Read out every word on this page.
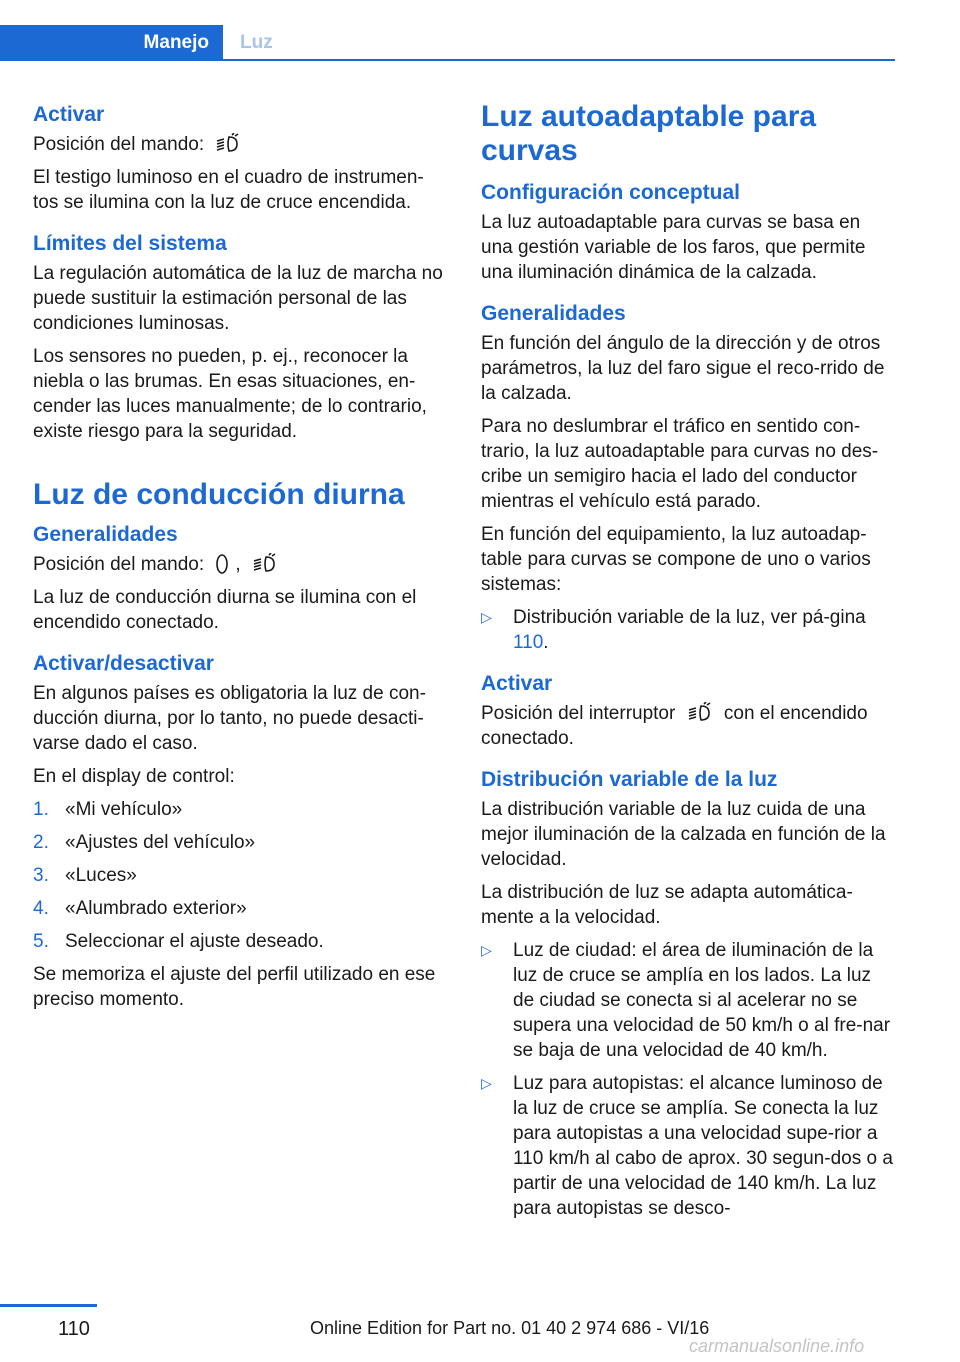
Manejo	Luz
Activar

Posición del mando:

El testigo luminoso en el cuadro de instrumen-tos se ilumina con la luz de cruce encendida.

Límites del sistema

La regulación automática de la luz de marcha no puede sustituir la estimación personal de las condiciones luminosas.

Los sensores no pueden, p. ej., reconocer la niebla o las brumas. En esas situaciones, en-cender las luces manualmente; de lo contrario, existe riesgo para la seguridad.

Luz de conducción diurna
Generalidades

Posición del mando: ,

La luz de conducción diurna se ilumina con el encendido conectado.

Activar/desactivar

En algunos países es obligatoria la luz de con-ducción diurna, por lo tanto, no puede desacti-varse dado el caso.

En el display de control:

1. «Mi vehículo»
2. «Ajustes del vehículo»
3. «Luces»
4. «Alumbrado exterior»
5. Seleccionar el ajuste deseado.

Se memoriza el ajuste del perfil utilizado en ese preciso momento.

Luz autoadaptable para curvas
Configuración conceptual

La luz autoadaptable para curvas se basa en una gestión variable de los faros, que permite una iluminación dinámica de la calzada.

Generalidades

En función del ángulo de la dirección y de otros parámetros, la luz del faro sigue el reco-rrido de la calzada.

Para no deslumbrar el tráfico en sentido con-trario, la luz autoadaptable para curvas no des-cribe un semigiro hacia el lado del conductor mientras el vehículo está parado.

En función del equipamiento, la luz autoadap-table para curvas se compone de uno o varios sistemas:

▷ Distribución variable de la luz, ver pá-gina 110.
Activar

Posición del interruptor	con el encendido conectado.

Distribución variable de la luz

La distribución variable de la luz cuida de una mejor iluminación de la calzada en función de la velocidad.

La distribución de luz se adapta automática-mente a la velocidad.

▷ Luz de ciudad: el área de iluminación de la luz de cruce se amplía en los lados. La luz de ciudad se conecta si al acelerar no se supera una velocidad de 50 km/h o al fre-nar se baja de una velocidad de 40 km/h.
▷ Luz para autopistas: el alcance luminoso de la luz de cruce se amplía. Se conecta la luz para autopistas a una velocidad supe-rior a 110 km/h al cabo de aprox. 30 segun-dos o a partir de una velocidad de 140 km/h. La luz para autopistas se desco-
110	Online Edition for Part no. 01 40 2 974 686 - VI/16
carmanualsonline.info
